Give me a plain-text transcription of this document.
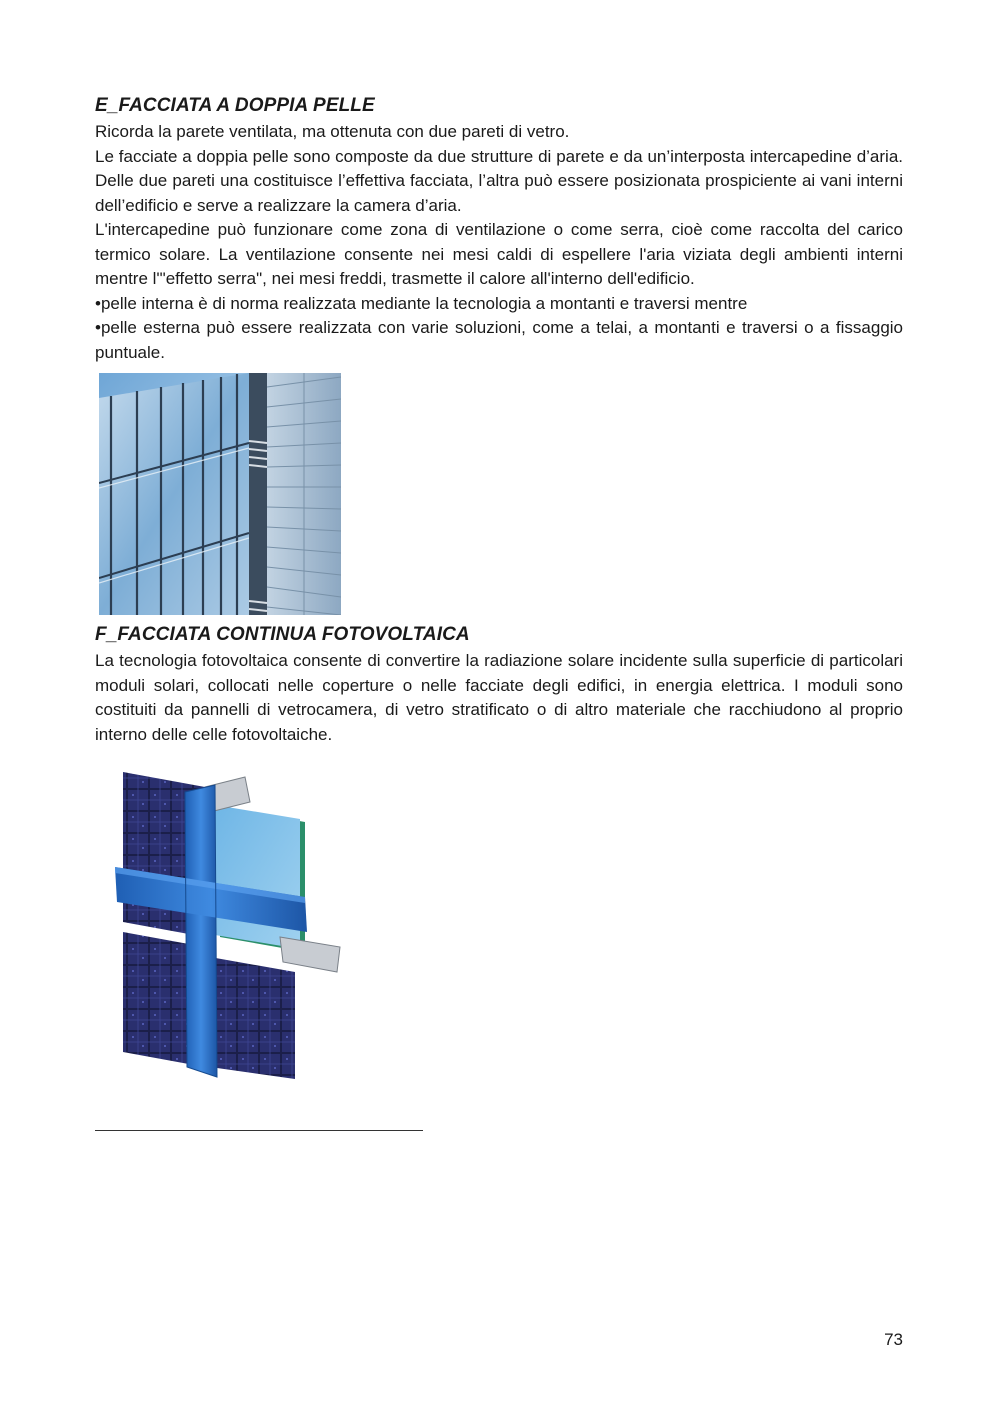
E_FACCIATA A DOPPIA PELLE

Ricorda la parete ventilata, ma ottenuta con due pareti di vetro.

Le facciate a doppia pelle sono composte da due strutture di parete e da un’interposta intercapedine d’aria. Delle due pareti una costituisce l’effettiva facciata, l’altra può essere posizionata prospiciente ai vani interni dell’edificio e serve a realizzare la camera d’aria.

L'intercapedine può funzionare come zona di ventilazione o come serra, cioè come raccolta del carico termico solare. La ventilazione consente nei mesi caldi di espellere l'aria viziata degli ambienti interni mentre l'"effetto serra", nei mesi freddi, trasmette il calore all'interno dell'edificio.

•pelle interna è di norma realizzata mediante la tecnologia a montanti e traversi mentre

•pelle esterna può essere realizzata con varie soluzioni, come a telai, a montanti e traversi o a fissaggio puntuale.

F_FACCIATA CONTINUA FOTOVOLTAICA

La tecnologia fotovoltaica consente di convertire la radiazione solare incidente sulla superficie di particolari moduli solari, collocati nelle coperture o nelle facciate degli edifici, in energia elettrica. I moduli sono costituiti da pannelli di vetrocamera, di vetro stratificato o di altro materiale che racchiudono al proprio interno delle celle fotovoltaiche.

73
